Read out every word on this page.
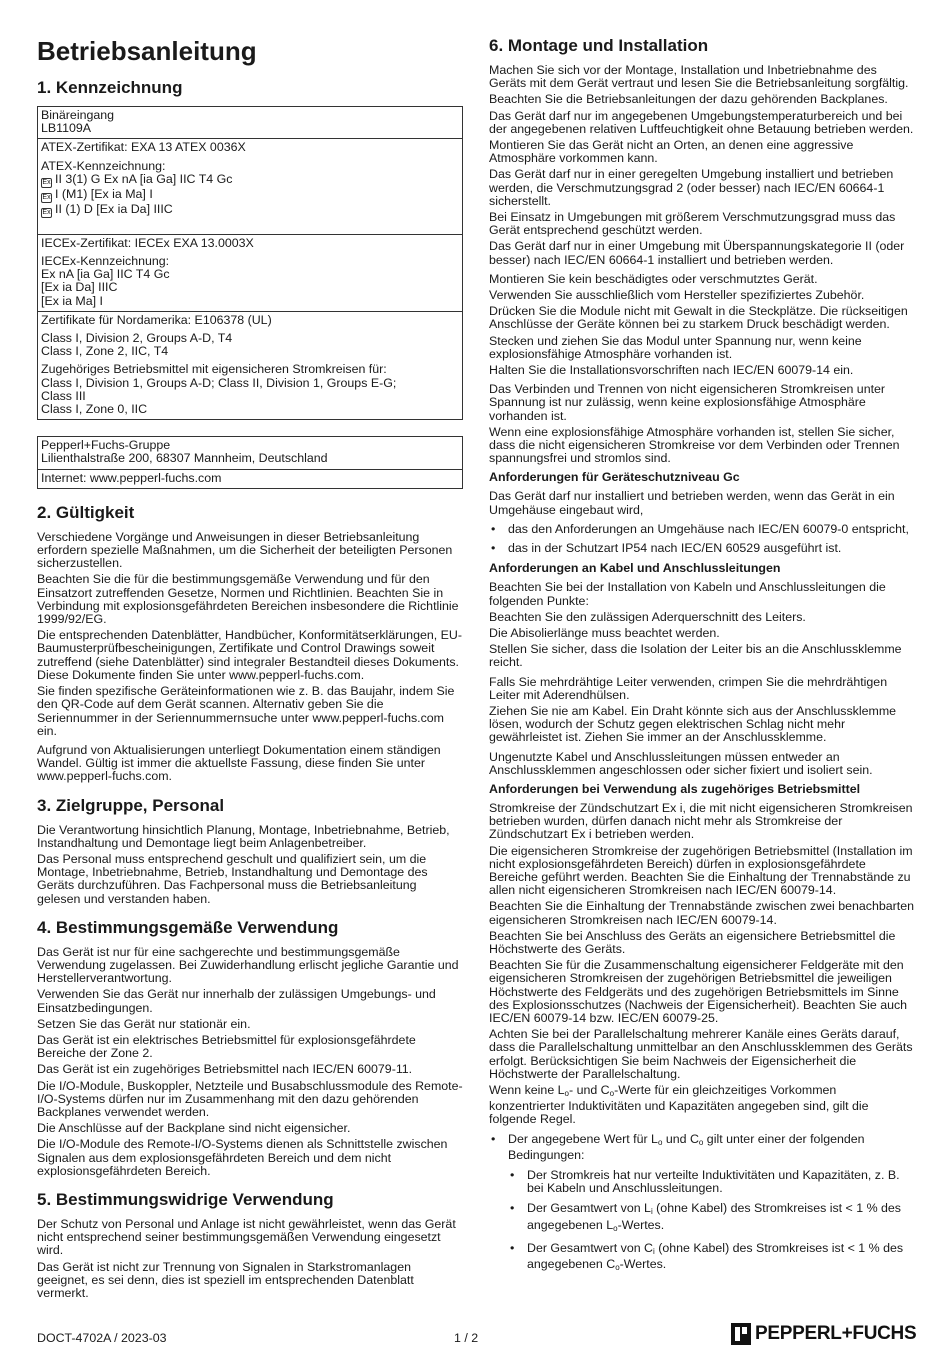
Betriebsanleitung
1. Kennzeichnung

Binäreingang

LB1109A

ATEX-Zertifikat: EXA 13 ATEX 0036X

ATEX-Kennzeichnung:

Ex II 3(1) G Ex nA [ia Ga] IIC T4 Gc

Ex I (M1) [Ex ia Ma] I

Ex II (1) D [Ex ia Da] IIIC

IECEx-Zertifikat: IECEx EXA 13.0003X

IECEx-Kennzeichnung:

Ex nA [ia Ga] IIC T4 Gc

[Ex ia Da] IIIC

[Ex ia Ma] I

Zertifikate für Nordamerika: E106378 (UL)

Class I, Division 2, Groups A-D, T4

Class I, Zone 2, IIC, T4

Zugehöriges Betriebsmittel mit eigensicheren Stromkreisen für:

Class I, Division 1, Groups A-D; Class II, Division 1, Groups E-G;

Class III

Class I, Zone 0, IIC

Pepperl+Fuchs-Gruppe

Lilienthalstraße 200, 68307 Mannheim, Deutschland

Internet: www.pepperl-fuchs.com

2. Gültigkeit

Verschiedene Vorgänge und Anweisungen in dieser Betriebsanleitung erfordern spezielle Maßnahmen, um die Sicherheit der beteiligten Personen sicherzustellen.

Beachten Sie die für die bestimmungsgemäße Verwendung und für den Einsatzort zutreffenden Gesetze, Normen und Richtlinien. Beachten Sie in Verbindung mit explosionsgefährdeten Bereichen insbesondere die Richtlinie 1999/92/EG.

Die entsprechenden Datenblätter, Handbücher, Konformitätserklärungen, EU-Baumusterprüfbescheinigungen, Zertifikate und Control Drawings soweit zutreffend (siehe Datenblätter) sind integraler Bestandteil dieses Dokuments. Diese Dokumente finden Sie unter www.pepperl-fuchs.com.

Sie finden spezifische Geräteinformationen wie z. B. das Baujahr, indem Sie den QR-Code auf dem Gerät scannen. Alternativ geben Sie die Seriennummer in der Seriennummernsuche unter www.pepperl-fuchs.com ein.

Aufgrund von Aktualisierungen unterliegt Dokumentation einem ständigen Wandel. Gültig ist immer die aktuellste Fassung, diese finden Sie unter www.pepperl-fuchs.com.

3. Zielgruppe, Personal

Die Verantwortung hinsichtlich Planung, Montage, Inbetriebnahme, Betrieb, Instandhaltung und Demontage liegt beim Anlagenbetreiber.

Das Personal muss entsprechend geschult und qualifiziert sein, um die Montage, Inbetriebnahme, Betrieb, Instandhaltung und Demontage des Geräts durchzuführen. Das Fachpersonal muss die Betriebsanleitung gelesen und verstanden haben.

4. Bestimmungsgemäße Verwendung

Das Gerät ist nur für eine sachgerechte und bestimmungsgemäße Verwendung zugelassen. Bei Zuwiderhandlung erlischt jegliche Garantie und Herstellerverantwortung.

Verwenden Sie das Gerät nur innerhalb der zulässigen Umgebungs- und Einsatzbedingungen.

Setzen Sie das Gerät nur stationär ein.

Das Gerät ist ein elektrisches Betriebsmittel für explosionsgefährdete Bereiche der Zone 2.

Das Gerät ist ein zugehöriges Betriebsmittel nach IEC/EN 60079-11.

Die I/O-Module, Buskoppler, Netzteile und Busabschlussmodule des Remote-I/O-Systems dürfen nur im Zusammenhang mit den dazu gehörenden Backplanes verwendet werden.

Die Anschlüsse auf der Backplane sind nicht eigensicher.

Die I/O-Module des Remote-I/O-Systems dienen als Schnittstelle zwischen Signalen aus dem explosionsgefährdeten Bereich und dem nicht explosionsgefährdeten Bereich.

5. Bestimmungswidrige Verwendung

Der Schutz von Personal und Anlage ist nicht gewährleistet, wenn das Gerät nicht entsprechend seiner bestimmungsgemäßen Verwendung eingesetzt wird.

Das Gerät ist nicht zur Trennung von Signalen in Starkstromanlagen geeignet, es sei denn, dies ist speziell im entsprechenden Datenblatt vermerkt.

6. Montage und Installation

Machen Sie sich vor der Montage, Installation und Inbetriebnahme des Geräts mit dem Gerät vertraut und lesen Sie die Betriebsanleitung sorgfältig.

Beachten Sie die Betriebsanleitungen der dazu gehörenden Backplanes.

Das Gerät darf nur im angegebenen Umgebungstemperaturbereich und bei der angegebenen relativen Luftfeuchtigkeit ohne Betauung betrieben werden.

Montieren Sie das Gerät nicht an Orten, an denen eine aggressive Atmosphäre vorkommen kann.

Das Gerät darf nur in einer geregelten Umgebung installiert und betrieben werden, die Verschmutzungsgrad 2 (oder besser) nach IEC/EN 60664-1 sicherstellt.

Bei Einsatz in Umgebungen mit größerem Verschmutzungsgrad muss das Gerät entsprechend geschützt werden.

Das Gerät darf nur in einer Umgebung mit Überspannungskategorie II (oder besser) nach IEC/EN 60664-1 installiert und betrieben werden.

Montieren Sie kein beschädigtes oder verschmutztes Gerät.

Verwenden Sie ausschließlich vom Hersteller spezifiziertes Zubehör.

Drücken Sie die Module nicht mit Gewalt in die Steckplätze. Die rückseitigen Anschlüsse der Geräte können bei zu starkem Druck beschädigt werden.

Stecken und ziehen Sie das Modul unter Spannung nur, wenn keine explosionsfähige Atmosphäre vorhanden ist.

Halten Sie die Installationsvorschriften nach IEC/EN 60079-14 ein.

Das Verbinden und Trennen von nicht eigensicheren Stromkreisen unter Spannung ist nur zulässig, wenn keine explosionsfähige Atmosphäre vorhanden ist.

Wenn eine explosionsfähige Atmosphäre vorhanden ist, stellen Sie sicher, dass die nicht eigensicheren Stromkreise vor dem Verbinden oder Trennen spannungsfrei und stromlos sind.

Anforderungen für Geräteschutzniveau Gc

Das Gerät darf nur installiert und betrieben werden, wenn das Gerät in ein Umgehäuse eingebaut wird,

• das den Anforderungen an Umgehäuse nach IEC/EN 60079-0 entspricht,
• das in der Schutzart IP54 nach IEC/EN 60529 ausgeführt ist.
Anforderungen an Kabel und Anschlussleitungen

Beachten Sie bei der Installation von Kabeln und Anschlussleitungen die folgenden Punkte:

Beachten Sie den zulässigen Aderquerschnitt des Leiters.

Die Abisolierlänge muss beachtet werden.

Stellen Sie sicher, dass die Isolation der Leiter bis an die Anschlussklemme reicht.

Falls Sie mehrdrähtige Leiter verwenden, crimpen Sie die mehrdrähtigen Leiter mit Aderendhülsen.

Ziehen Sie nie am Kabel. Ein Draht könnte sich aus der Anschlussklemme lösen, wodurch der Schutz gegen elektrischen Schlag nicht mehr gewährleistet ist. Ziehen Sie immer an der Anschlussklemme.

Ungenutzte Kabel und Anschlussleitungen müssen entweder an Anschlussklemmen angeschlossen oder sicher fixiert und isoliert sein.

Anforderungen bei Verwendung als zugehöriges Betriebsmittel

Stromkreise der Zündschutzart Ex i, die mit nicht eigensicheren Stromkreisen betrieben wurden, dürfen danach nicht mehr als Stromkreise der Zündschutzart Ex i betrieben werden.

Die eigensicheren Stromkreise der zugehörigen Betriebsmittel (Installation im nicht explosionsgefährdeten Bereich) dürfen in explosionsgefährdete Bereiche geführt werden. Beachten Sie die Einhaltung der Trennabstände zu allen nicht eigensicheren Stromkreisen nach IEC/EN 60079-14.

Beachten Sie die Einhaltung der Trennabstände zwischen zwei benachbarten eigensicheren Stromkreisen nach IEC/EN 60079-14.

Beachten Sie bei Anschluss des Geräts an eigensichere Betriebsmittel die Höchstwerte des Geräts.

Beachten Sie für die Zusammenschaltung eigensicherer Feldgeräte mit den eigensicheren Stromkreisen der zugehörigen Betriebsmittel die jeweiligen Höchstwerte des Feldgeräts und des zugehörigen Betriebsmittels im Sinne des Explosionsschutzes (Nachweis der Eigensicherheit). Beachten Sie auch IEC/EN 60079-14 bzw. IEC/EN 60079-25.

Achten Sie bei der Parallelschaltung mehrerer Kanäle eines Geräts darauf, dass die Parallelschaltung unmittelbar an den Anschlussklemmen des Geräts erfolgt. Berücksichtigen Sie beim Nachweis der Eigensicherheit die Höchstwerte der Parallelschaltung.

Wenn keine $L_o-$ und $C_o$-Werte für ein gleichzeitiges Vorkommen konzentrierter Induktivitäten und Kapazitäten angegeben sind, gilt die folgende Regel.

• Der angegebene Wert für $L_o$ und $C_o$ gilt unter einer der folgenden Bedingungen:
• Der Stromkreis hat nur verteilte Induktivitäten und Kapazitäten, z. B. bei Kabeln und Anschlussleitungen.
• Der Gesamtwert von $L_i$ (ohne Kabel) des Stromkreises ist < 1 % des angegebenen $L_o$-Wertes.
• Der Gesamtwert von $C_i$ (ohne Kabel) des Stromkreises ist < 1 % des angegebenen $C_o$-Wertes.
DOCT-4702A / 2023-03	1 / 2	PEPPERL+FUCHS
